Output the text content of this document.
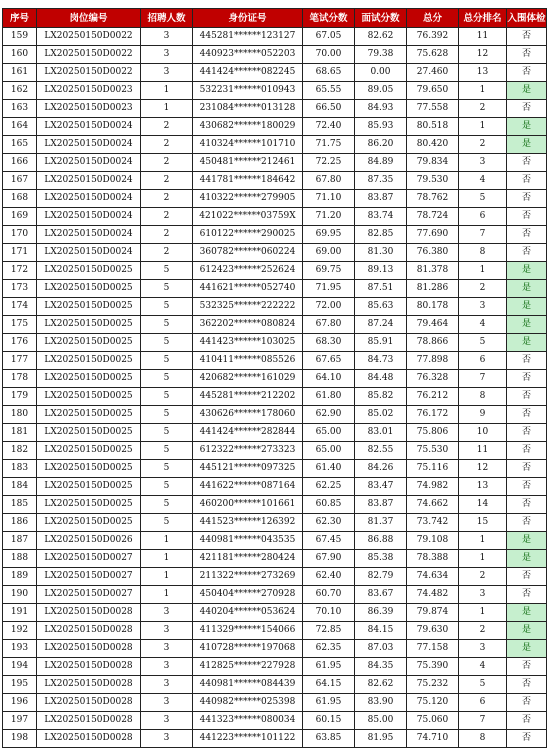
序号	岗位编号	招聘人数	身份证号	笔试分数	面试分数	总分	总分排名	入围体检
159	LX20250150D0022	3	445281******123127	67.05	82.62	76.392	11	否
160	LX20250150D0022	3	440923******052203	70.00	79.38	75.628	12	否
161	LX20250150D0022	3	441424******082245	68.65	0.00	27.460	13	否
162	LX20250150D0023	1	532231******010943	65.55	89.05	79.650	1	是
163	LX20250150D0023	1	231084******013128	66.50	84.93	77.558	2	否
164	LX20250150D0024	2	430682******180029	72.40	85.93	80.518	1	是
165	LX20250150D0024	2	410324******101710	71.75	86.20	80.420	2	是
166	LX20250150D0024	2	450481******212461	72.25	84.89	79.834	3	否
167	LX20250150D0024	2	441781******184642	67.80	87.35	79.530	4	否
168	LX20250150D0024	2	410322******279905	71.10	83.87	78.762	5	否
169	LX20250150D0024	2	421022******03759X	71.20	83.74	78.724	6	否
170	LX20250150D0024	2	610122******290025	69.95	82.85	77.690	7	否
171	LX20250150D0024	2	360782******060224	69.00	81.30	76.380	8	否
172	LX20250150D0025	5	612423******252624	69.75	89.13	81.378	1	是
173	LX20250150D0025	5	441621******052740	71.95	87.51	81.286	2	是
174	LX20250150D0025	5	532325******222222	72.00	85.63	80.178	3	是
175	LX20250150D0025	5	362202******080824	67.80	87.24	79.464	4	是
176	LX20250150D0025	5	441423******103025	68.30	85.91	78.866	5	是
177	LX20250150D0025	5	410411******085526	67.65	84.73	77.898	6	否
178	LX20250150D0025	5	420682******161029	64.10	84.48	76.328	7	否
179	LX20250150D0025	5	445281******212202	61.80	85.82	76.212	8	否
180	LX20250150D0025	5	430626******178060	62.90	85.02	76.172	9	否
181	LX20250150D0025	5	441424******282844	65.00	83.01	75.806	10	否
182	LX20250150D0025	5	612322******273323	65.00	82.55	75.530	11	否
183	LX20250150D0025	5	445121******097325	61.40	84.26	75.116	12	否
184	LX20250150D0025	5	441622******087164	62.25	83.47	74.982	13	否
185	LX20250150D0025	5	460200******101661	60.85	83.87	74.662	14	否
186	LX20250150D0025	5	441523******126392	62.30	81.37	73.742	15	否
187	LX20250150D0026	1	440981******043535	67.45	86.88	79.108	1	是
188	LX20250150D0027	1	421181******280424	67.90	85.38	78.388	1	是
189	LX20250150D0027	1	211322******273269	62.40	82.79	74.634	2	否
190	LX20250150D0027	1	450404******270928	60.70	83.67	74.482	3	否
191	LX20250150D0028	3	440204******053624	70.10	86.39	79.874	1	是
192	LX20250150D0028	3	411329******154066	72.85	84.15	79.630	2	是
193	LX20250150D0028	3	410728******197068	62.35	87.03	77.158	3	是
194	LX20250150D0028	3	412825******227928	61.95	84.35	75.390	4	否
195	LX20250150D0028	3	440981******084439	64.15	82.62	75.232	5	否
196	LX20250150D0028	3	440982******025398	61.95	83.90	75.120	6	否
197	LX20250150D0028	3	441323******080034	60.15	85.00	75.060	7	否
198	LX20250150D0028	3	441223******101122	63.85	81.95	74.710	8	否
